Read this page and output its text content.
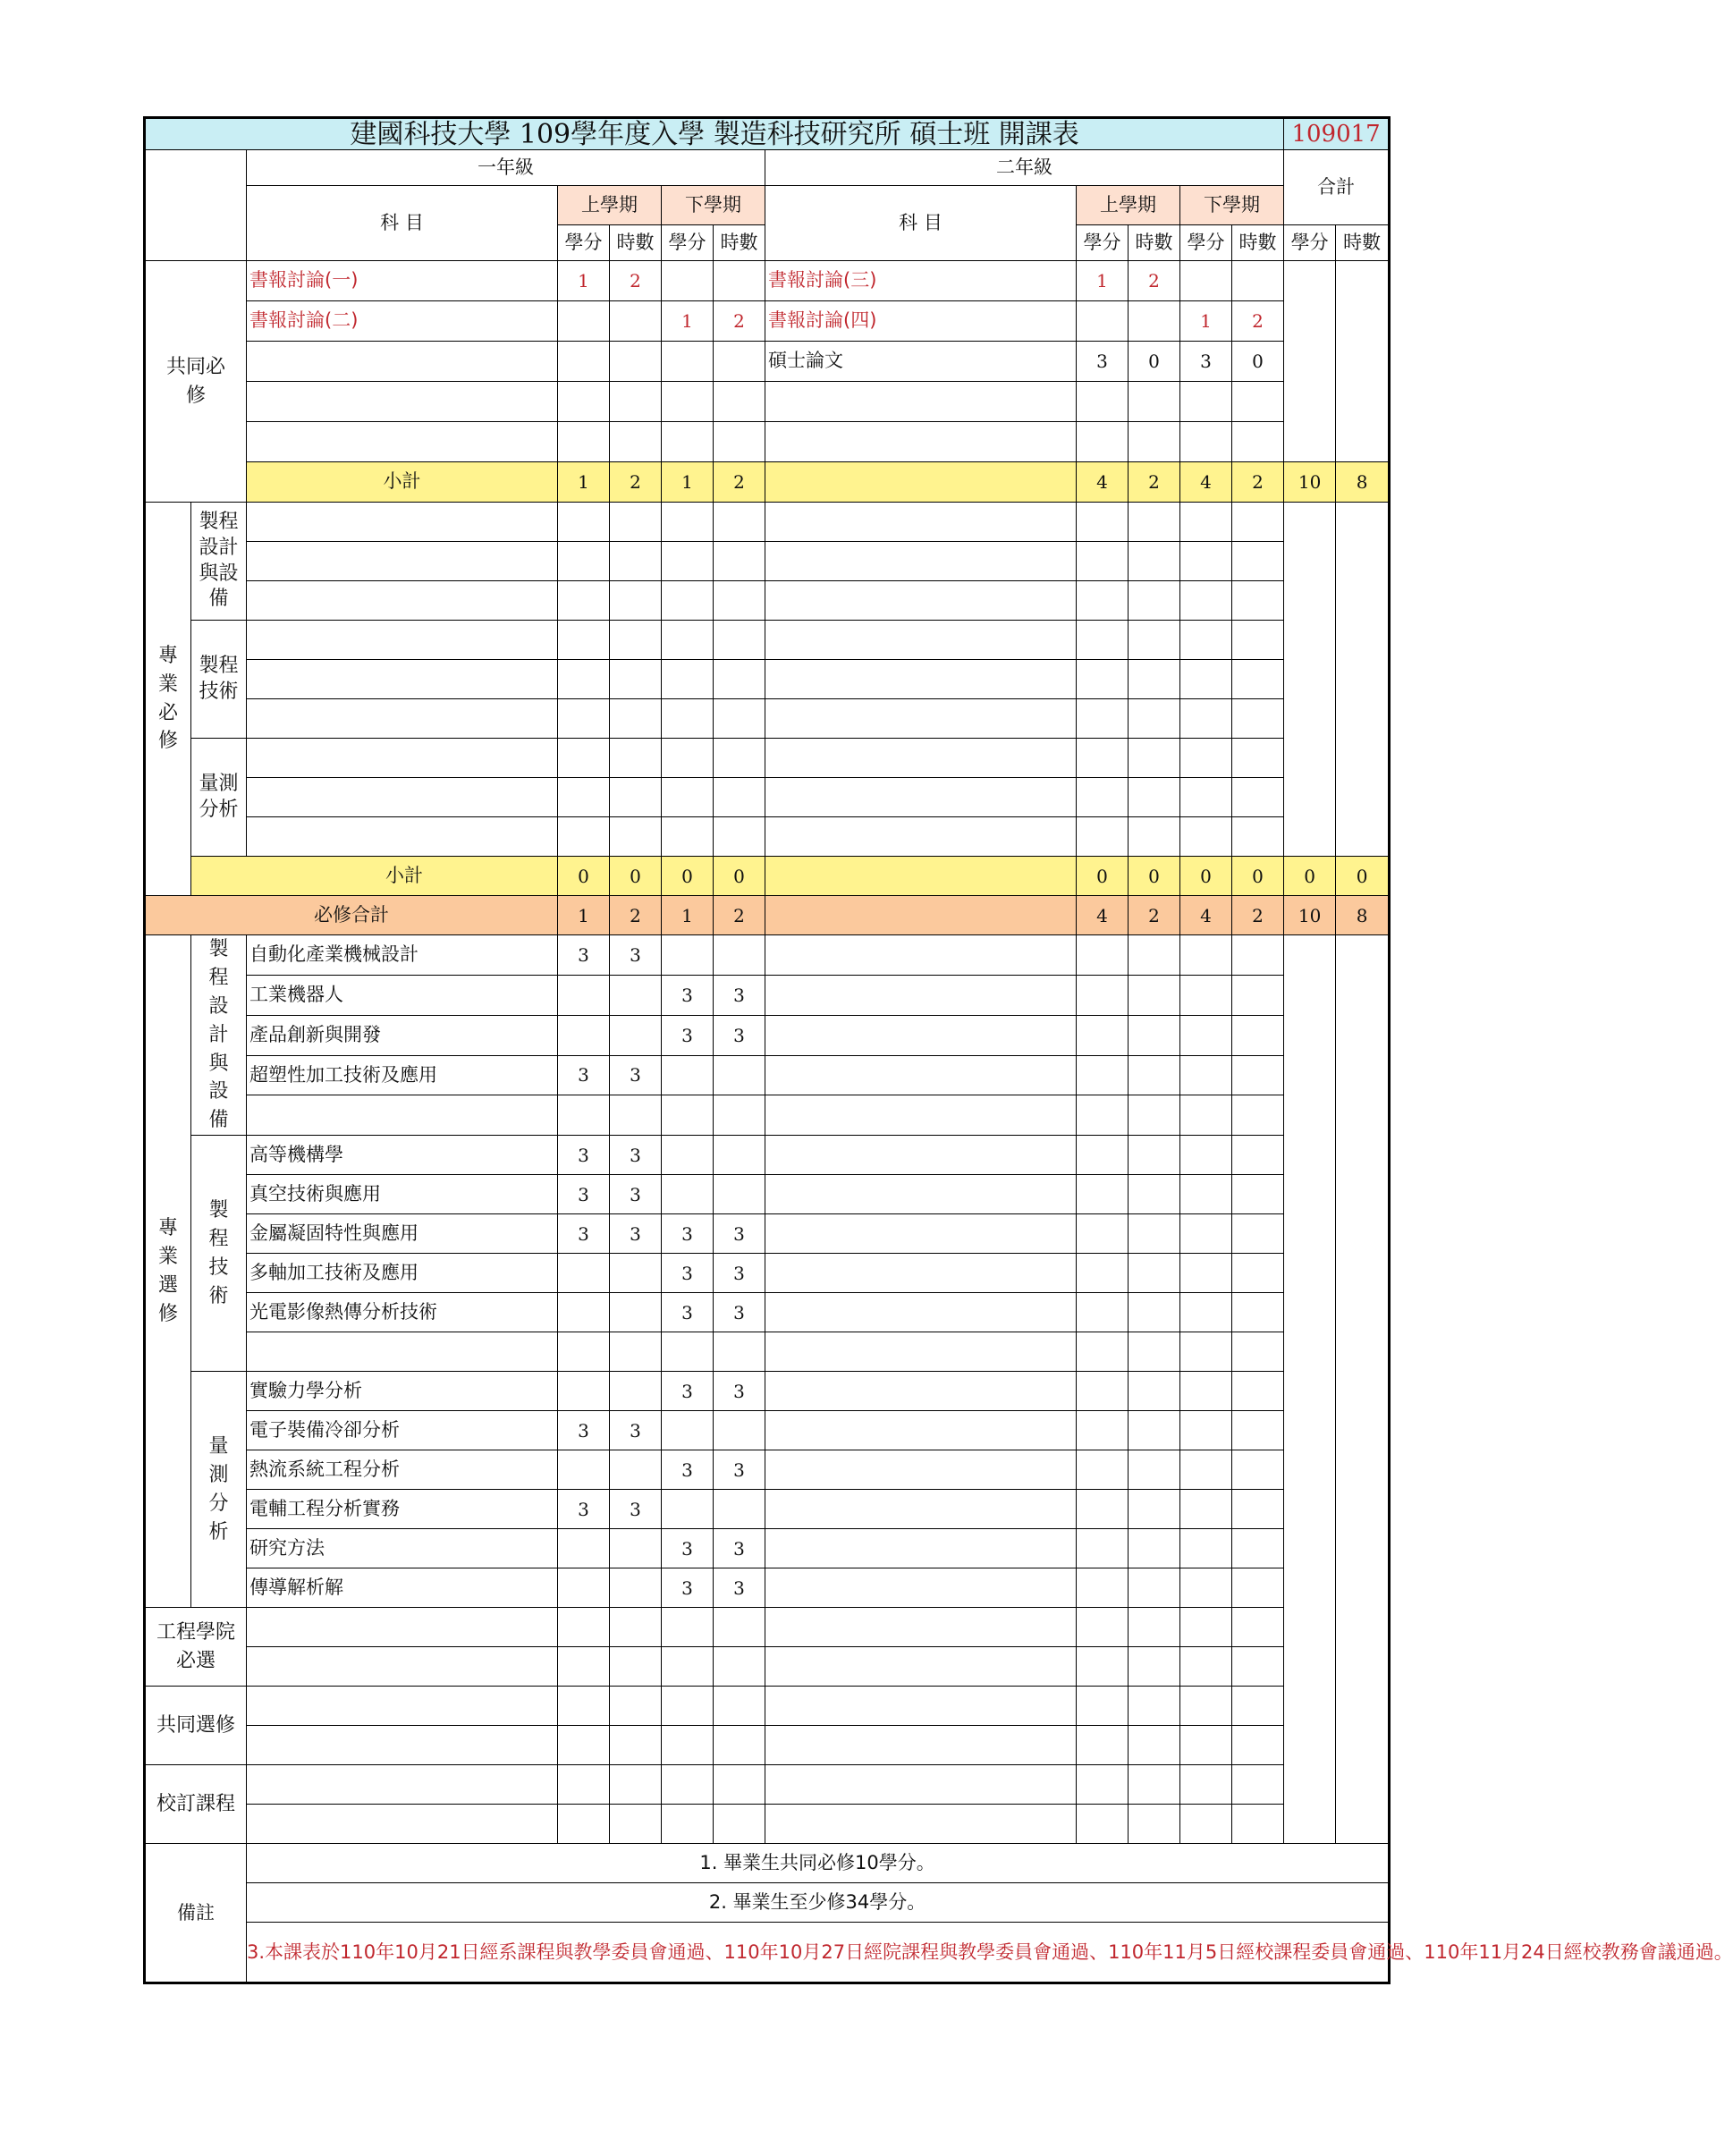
建國科技大學 109學年度入學 製造科技研究所 碩士班 開課表												109017	
		一年級					二年級					合計	
		科 目	上學期		下學期		科 目	上學期		下學期			
			學分	時數	學分	時數		學分	時數	學分	時數	學分	時數
共同必修		書報討論(一)	1	2			書報討論(三)	1	2				
		書報討論(二)			1	2	書報討論(四)			1	2		
							碩士論文	3	0	3	0		

		小計	1	2	1	2		4	2	4	2	10	8
專業必修	製程設計與設備												

	製程技術												

	量測分析												

	小計		0	0	0	0		0	0	0	0	0	0
必修合計			1	2	1	2		4	2	4	2	10	8
專業選修	製程設計與設備	自動化產業機械設計	3	3									
		工業機器人			3	3							
		產品創新與開發			3	3							
		超塑性加工技術及應用	3	3									

	製程技術	高等機構學	3	3									
		真空技術與應用	3	3									
		金屬凝固特性與應用	3	3	3	3							
		多軸加工技術及應用			3	3							
		光電影像熱傳分析技術			3	3							

	量測分析	實驗力學分析			3	3							
		電子裝備冷卻分析	3	3									
		熱流系統工程分析			3	3							
		電輔工程分析實務	3	3									
		研究方法			3	3							
		傳導解析解			3	3							
工程學院必選													

共同選修													

校訂課程													

備註		1. 畢業生共同必修10學分。											
		2. 畢業生至少修34學分。											
		3.本課表於110年10月21日經系課程與教學委員會通過、110年10月27日經院課程與教學委員會通過、110年11月5日經校課程委員會通過、110年11月24日經校教務會議通過。											
